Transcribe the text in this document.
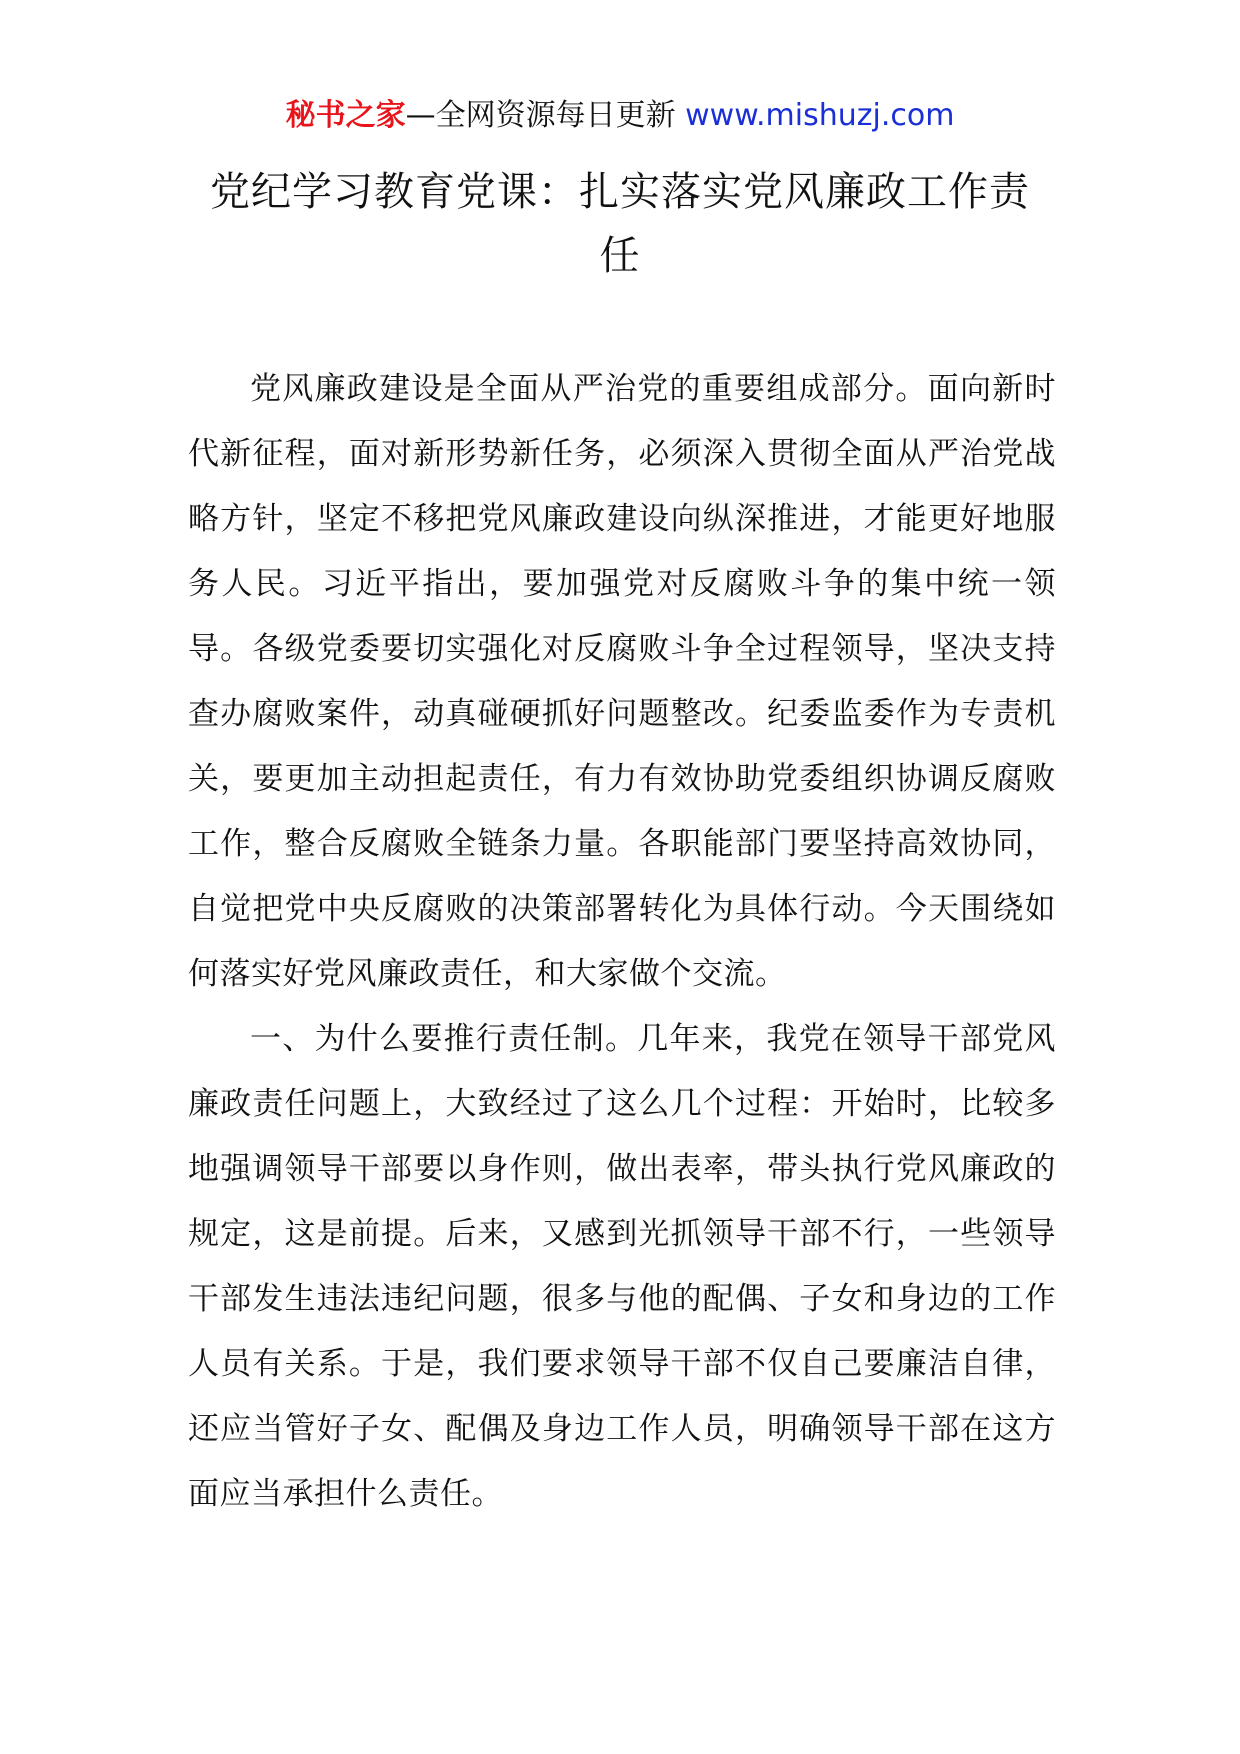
秘书之家—全网资源每日更新 www.mishuzj.com
党纪学习教育党课：扎实落实党风廉政工作责任

党风廉政建设是全面从严治党的重要组成部分。面向新时代新征程，面对新形势新任务，必须深入贯彻全面从严治党战略方针，坚定不移把党风廉政建设向纵深推进，才能更好地服务人民。习近平指出，要加强党对反腐败斗争的集中统一领导。各级党委要切实强化对反腐败斗争全过程领导，坚决支持查办腐败案件，动真碰硬抓好问题整改。纪委监委作为专责机关，要更加主动担起责任，有力有效协助党委组织协调反腐败工作，整合反腐败全链条力量。各职能部门要坚持高效协同，自觉把党中央反腐败的决策部署转化为具体行动。今天围绕如何落实好党风廉政责任，和大家做个交流。

一、为什么要推行责任制。几年来，我党在领导干部党风廉政责任问题上，大致经过了这么几个过程：开始时，比较多地强调领导干部要以身作则，做出表率，带头执行党风廉政的规定，这是前提。后来，又感到光抓领导干部不行，一些领导干部发生违法违纪问题，很多与他的配偶、子女和身边的工作人员有关系。于是，我们要求领导干部不仅自己要廉洁自律，还应当管好子女、配偶及身边工作人员，明确领导干部在这方面应当承担什么责任。
